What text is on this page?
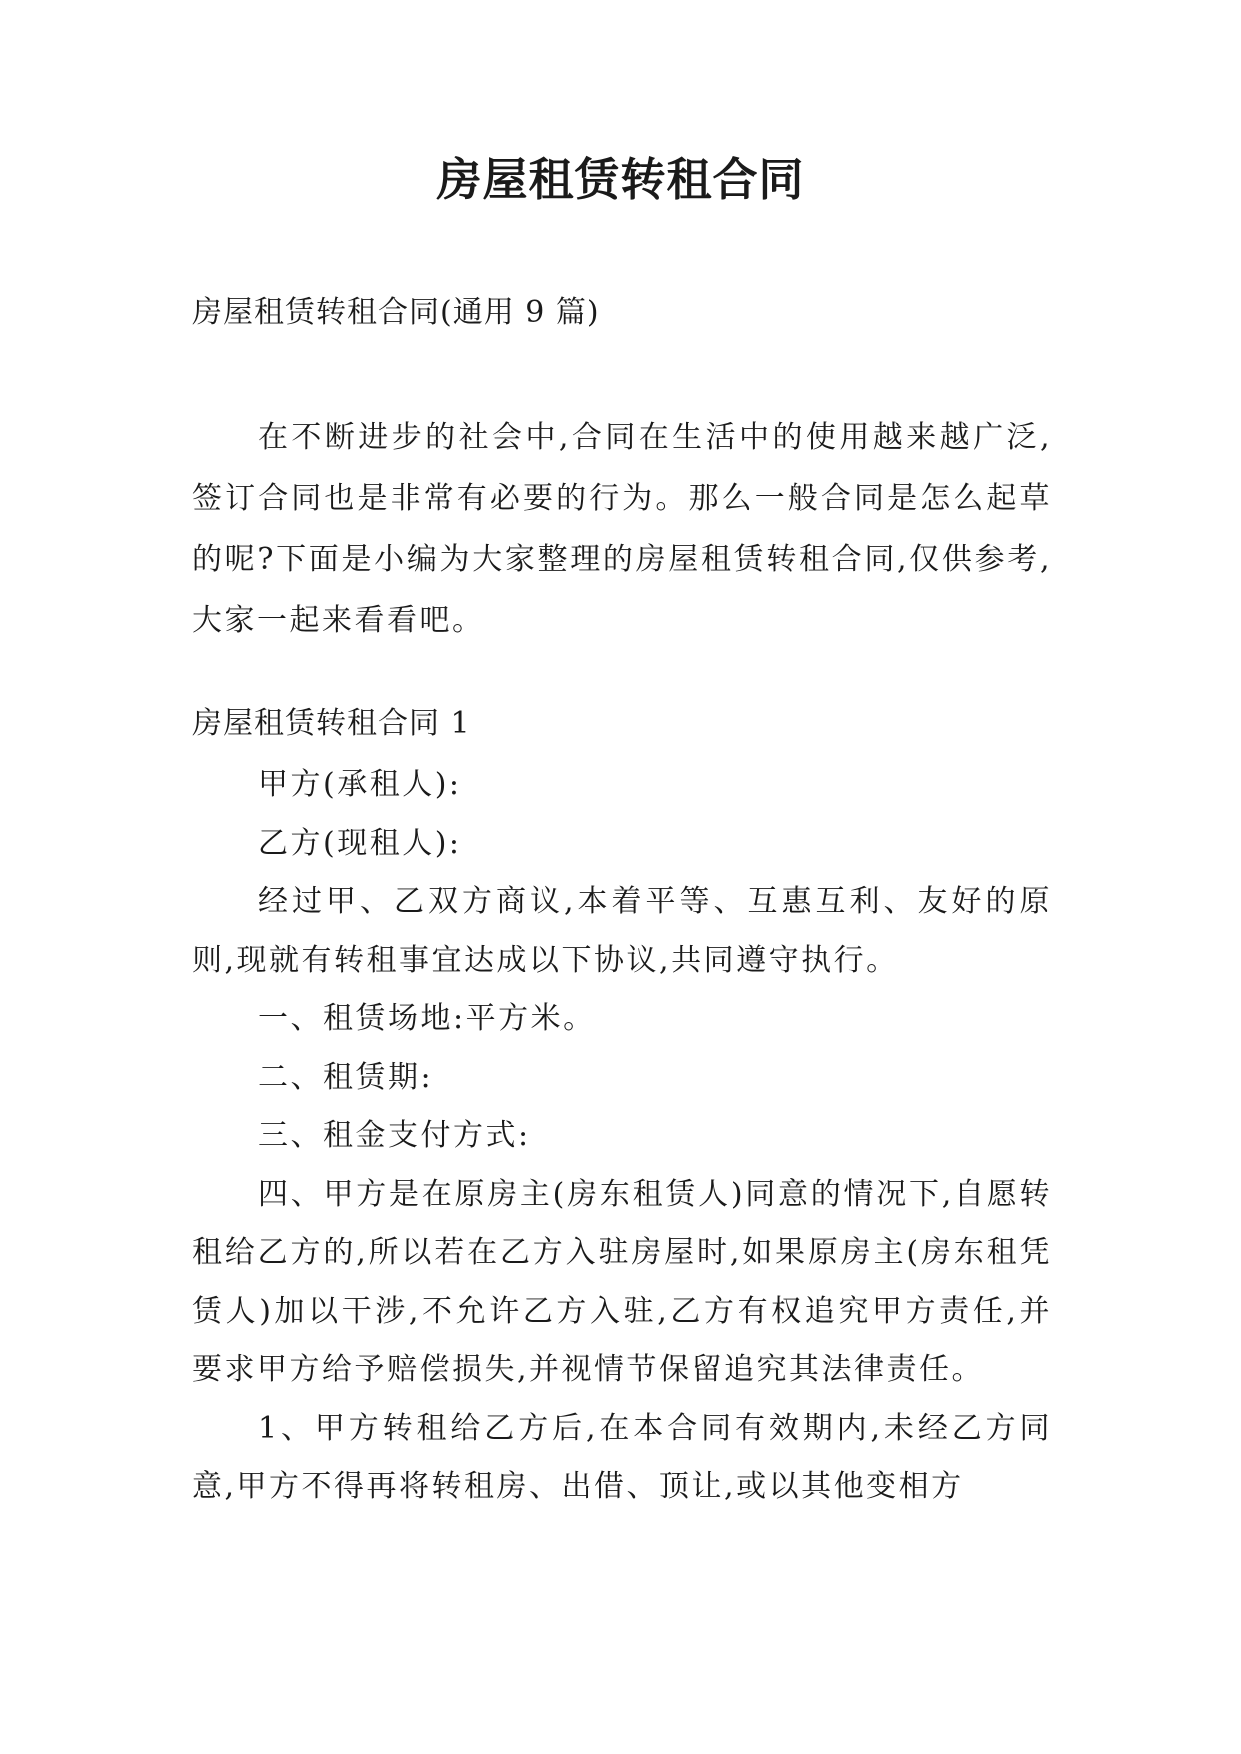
房屋租赁转租合同
房屋租赁转租合同(通用 9 篇)

在不断进步的社会中,合同在生活中的使用越来越广泛,签订合同也是非常有必要的行为。那么一般合同是怎么起草的呢?下面是小编为大家整理的房屋租赁转租合同,仅供参考,大家一起来看看吧。

房屋租赁转租合同 1

甲方(承租人):

乙方(现租人):

经过甲、乙双方商议,本着平等、互惠互利、友好的原则,现就有转租事宜达成以下协议,共同遵守执行。

一、租赁场地:平方米。

二、租赁期:

三、租金支付方式:

四、甲方是在原房主(房东租赁人)同意的情况下,自愿转租给乙方的,所以若在乙方入驻房屋时,如果原房主(房东租凭赁人)加以干涉,不允许乙方入驻,乙方有权追究甲方责任,并要求甲方给予赔偿损失,并视情节保留追究其法律责任。

1、甲方转租给乙方后,在本合同有效期内,未经乙方同意,甲方不得再将转租房、出借、顶让,或以其他变相方
